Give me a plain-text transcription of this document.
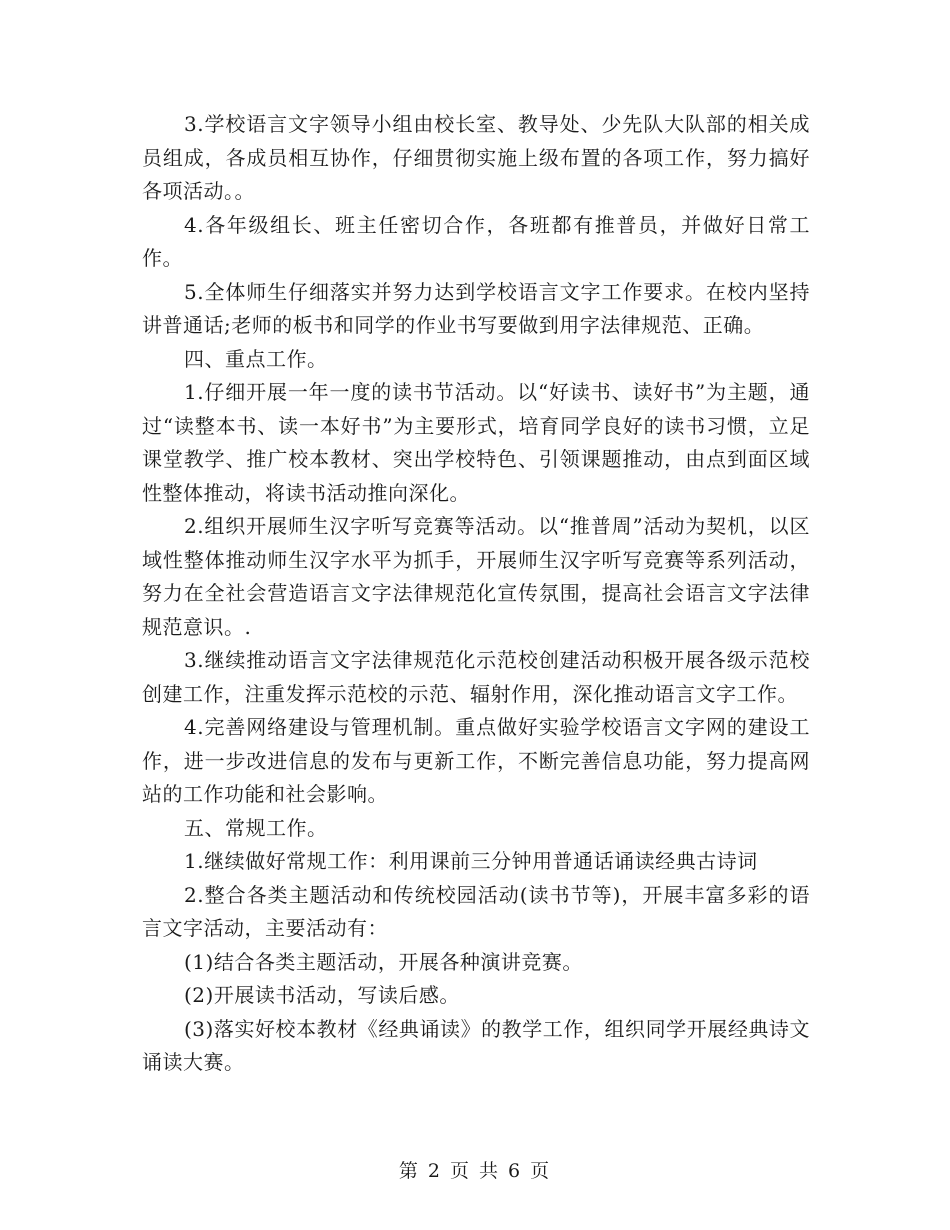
3.学校语言文字领导小组由校长室、教导处、少先队大队部的相关成员组成，各成员相互协作，仔细贯彻实施上级布置的各项工作，努力搞好各项活动。。

4.各年级组长、班主任密切合作，各班都有推普员，并做好日常工作。

5.全体师生仔细落实并努力达到学校语言文字工作要求。在校内坚持讲普通话;老师的板书和同学的作业书写要做到用字法律规范、正确。

四、重点工作。

1.仔细开展一年一度的读书节活动。以“好读书、读好书”为主题，通过“读整本书、读一本好书”为主要形式，培育同学良好的读书习惯，立足课堂教学、推广校本教材、突出学校特色、引领课题推动，由点到面区域性整体推动，将读书活动推向深化。

2.组织开展师生汉字听写竞赛等活动。以“推普周”活动为契机，以区域性整体推动师生汉字水平为抓手，开展师生汉字听写竞赛等系列活动，努力在全社会营造语言文字法律规范化宣传氛围，提高社会语言文字法律规范意识。.

3.继续推动语言文字法律规范化示范校创建活动积极开展各级示范校创建工作，注重发挥示范校的示范、辐射作用，深化推动语言文字工作。

4.完善网络建设与管理机制。重点做好实验学校语言文字网的建设工作，进一步改进信息的发布与更新工作，不断完善信息功能，努力提高网站的工作功能和社会影响。

五、常规工作。

1.继续做好常规工作：利用课前三分钟用普通话诵读经典古诗词

2.整合各类主题活动和传统校园活动(读书节等)，开展丰富多彩的语言文字活动，主要活动有：

(1)结合各类主题活动，开展各种演讲竞赛。

(2)开展读书活动，写读后感。

(3)落实好校本教材《经典诵读》的教学工作，组织同学开展经典诗文诵读大赛。

第 2 页 共 6 页
